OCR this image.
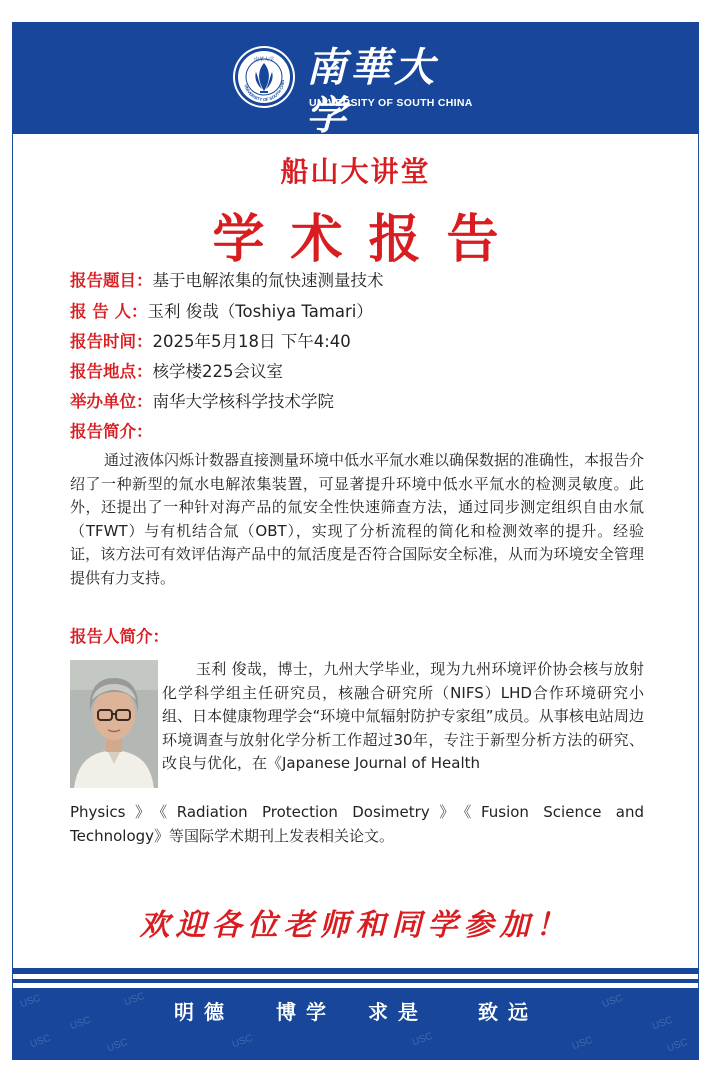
UNIVERSITY OF SOUTH CHIN
南華大学 南華大学
UNIVERSITY OF SOUTH CHINA
船山大讲堂
学术报告
报告题目：基于电解浓集的氚快速测量技术
报 告 人：玉利 俊哉（Toshiya Tamari）
报告时间：2025年5月18日 下午4:40
报告地点：核学楼225会议室
举办单位：南华大学核科学技术学院
报告简介：
通过液体闪烁计数器直接测量环境中低水平氚水难以确保数据的准确性，本报告介绍了一种新型的氚水电解浓集装置，可显著提升环境中低水平氚水的检测灵敏度。此外，还提出了一种针对海产品的氚安全性快速筛查方法，通过同步测定组织自由水氚（TFWT）与有机结合氚（OBT），实现了分析流程的简化和检测效率的提升。经验证，该方法可有效评估海产品中的氚活度是否符合国际安全标准，从而为环境安全管理提供有力支持。
报告人简介：
玉利 俊哉，博士，九州大学毕业，现为九州环境评价协会核与放射化学科学组主任研究员，核融合研究所（NIFS）LHD合作环境研究小组、日本健康物理学会“环境中氚辐射防护专家组”成员。从事核电站周边环境调查与放射化学分析工作超过30年，专注于新型分析方法的研究、改良与优化，在《Japanese Journal of Health
Physics》《Radiation Protection Dosimetry》《Fusion Science and Technology》等国际学术期刊上发表相关论文。
欢迎各位老师和同学参加！
USC
USC
USC
USC	USC
USC
USC
USC	USC
USC	USC
明德 博学 求是	致远
